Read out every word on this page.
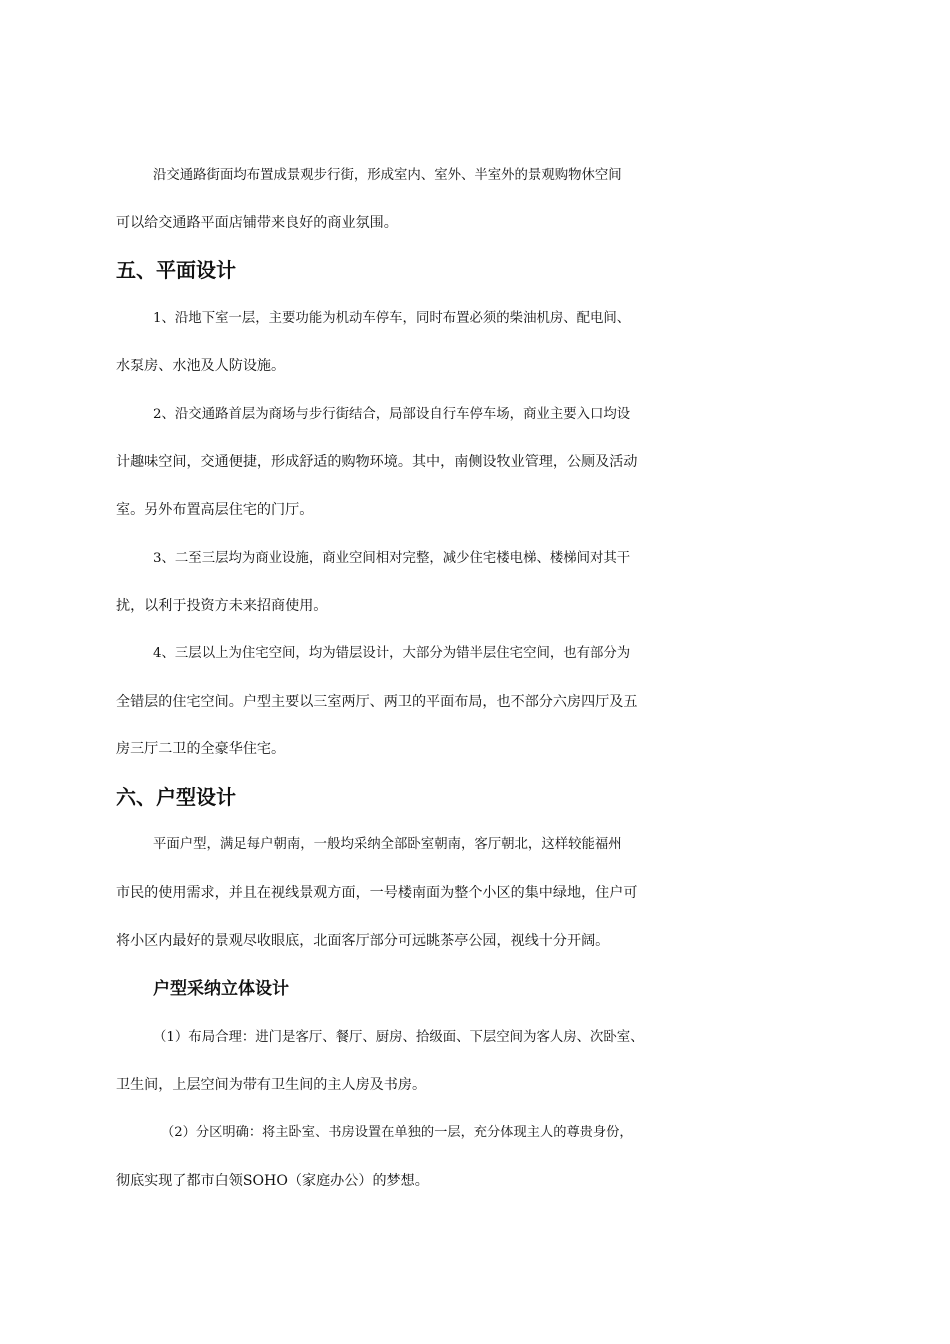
沿交通路街面均布置成景观步行街，形成室内、室外、半室外的景观购物休空间
可以给交通路平面店铺带来良好的商业氛围。
五、平面设计
1、沿地下室一层，主要功能为机动车停车，同时布置必须的柴油机房、配电间、
水泵房、水池及人防设施。
2、沿交通路首层为商场与步行街结合，局部设自行车停车场，商业主要入口均设
计趣味空间，交通便捷，形成舒适的购物环境。其中，南侧设牧业管理，公厕及活动
室。另外布置高层住宅的门厅。
3、二至三层均为商业设施，商业空间相对完整，减少住宅楼电梯、楼梯间对其干
扰，以利于投资方未来招商使用。
4、三层以上为住宅空间，均为错层设计，大部分为错半层住宅空间，也有部分为
全错层的住宅空间。户型主要以三室两厅、两卫的平面布局，也不部分六房四厅及五
房三厅二卫的全豪华住宅。
六、户型设计
平面户型，满足每户朝南，一般均采纳全部卧室朝南，客厅朝北，这样较能福州
市民的使用需求，并且在视线景观方面，一号楼南面为整个小区的集中绿地，住户可
将小区内最好的景观尽收眼底，北面客厅部分可远眺茶亭公园，视线十分开阔。
户型采纳立体设计
（1）布局合理：进门是客厅、餐厅、厨房、拾级面、下层空间为客人房、次卧室、
卫生间，上层空间为带有卫生间的主人房及书房。
（2）分区明确：将主卧室、书房设置在单独的一层，充分体现主人的尊贵身份，
彻底实现了都市白领SOHO（家庭办公）的梦想。
